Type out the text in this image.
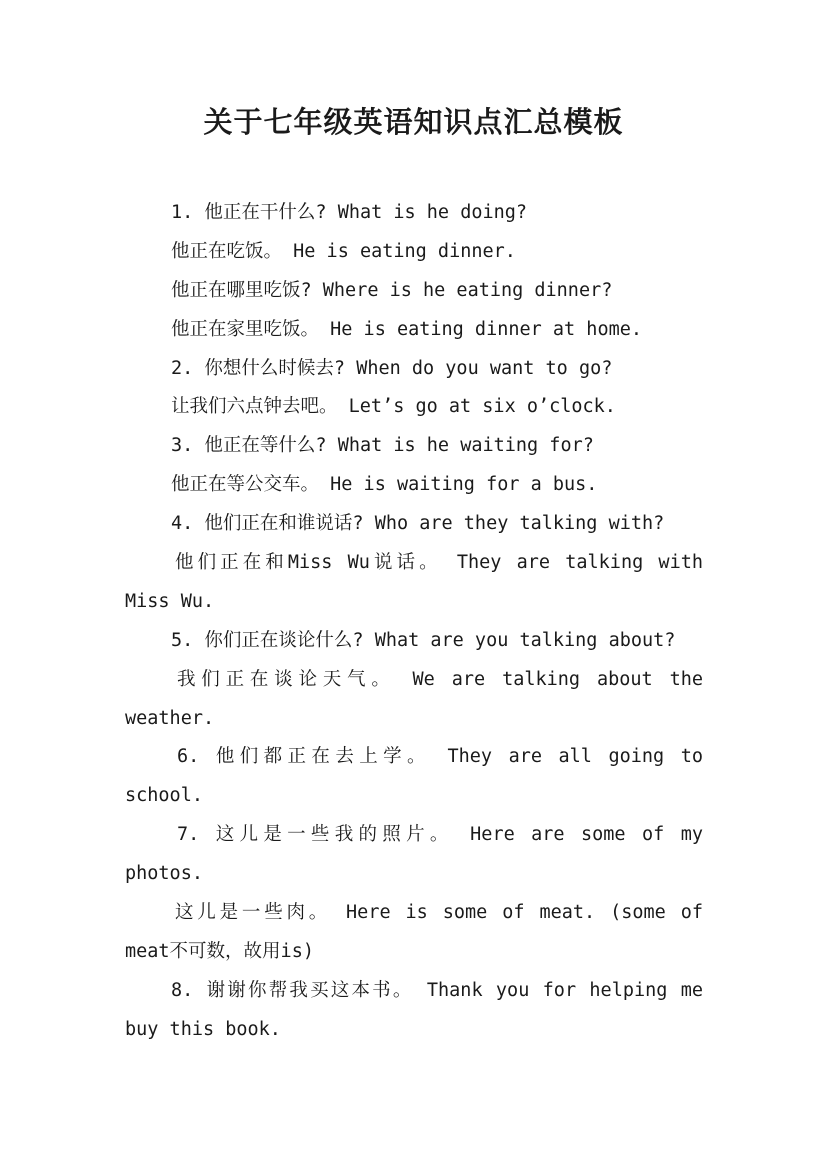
关于七年级英语知识点汇总模板
1. 他正在干什么? What is he doing?
他正在吃饭。 He is eating dinner.
他正在哪里吃饭? Where is he eating dinner?
他正在家里吃饭。 He is eating dinner at home.
2. 你想什么时候去? When do you want to go?
让我们六点钟去吧。 Let’s go at six o’clock.
3. 他正在等什么? What is he waiting for?
他正在等公交车。 He is waiting for a bus.
4. 他们正在和谁说话? Who are they talking with?
他们正在和Miss Wu说话。 They are talking with
Miss Wu.
5. 你们正在谈论什么? What are you talking about?
我们正在谈论天气。 We are talking about the
weather.
6. 他们都正在去上学。 They are all going to
school.
7. 这儿是一些我的照片。 Here are some of my
photos.
这儿是一些肉。 Here is some of meat. (some of
meat不可数，故用is)
8. 谢谢你帮我买这本书。 Thank you for helping me
buy this book.
